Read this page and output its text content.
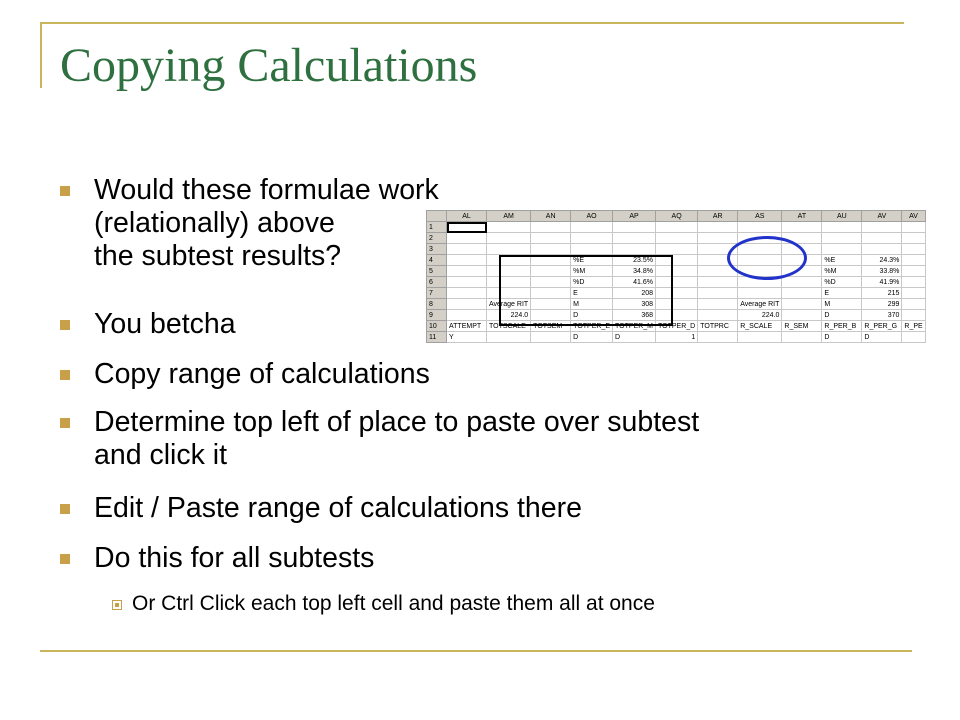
Copying Calculations
Would these formulae work
(relationally) above
the subtest results?
You betcha
Copy range of calculations
Determine top left of place to paste over subtest
and click it
Edit / Paste range of calculations there
Do this for all subtests
Or Ctrl Click each top left cell and paste them all at once
	AL	AM	AN	AO	AP	AQ	AR	AS	AT	AU	AV	AV
1												
2												
3												
4				%E	23.5%					%E	24.3%	
5				%M	34.8%					%M	33.8%	
6				%D	41.6%					%D	41.9%	
7				E	208					E	215	
8		Average RIT		M	308			Average RIT		M	299	
9		224.0		D	368			224.0		D	370	
10	ATTEMPT	TOTSCALE	TOTSEM	TOTPER_E	TOTPER_M	TOTPER_D	TOTPRC	R_SCALE	R_SEM	R_PER_B	R_PER_G	R_PE
11	Y			D	D	1				D	D	
